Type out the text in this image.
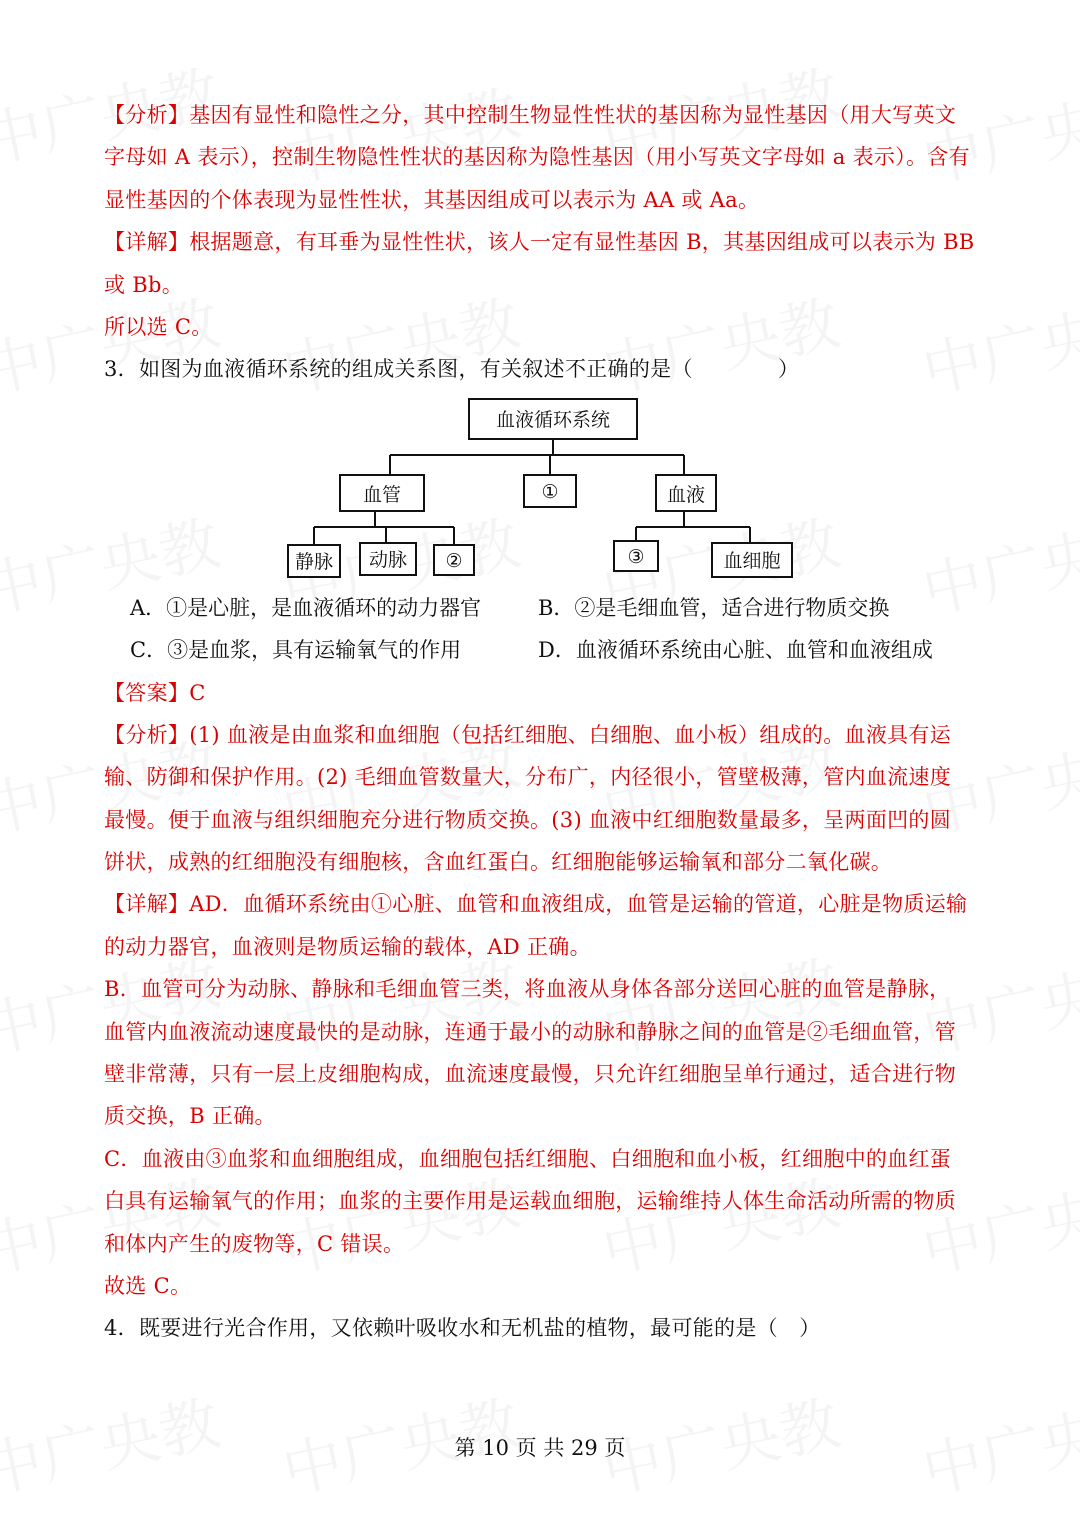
【分析】基因有显性和隐性之分，其中控制生物显性性状的基因称为显性基因（用大写英文
字母如 A 表示），控制生物隐性性状的基因称为隐性基因（用小写英文字母如 a 表示）。含有
显性基因的个体表现为显性性状，其基因组成可以表示为 AA 或 Aa。
【详解】根据题意，有耳垂为显性性状，该人一定有显性基因 B，其基因组成可以表示为 BB
或 Bb。
所以选 C。
3．如图为血液循环系统的组成关系图，有关叙述不正确的是（　　　　）
血液循环系统
血管	①	血液
静脉 动脉 ②	③	血细胞
A．①是心脏，是血液循环的动力器官	B．②是毛细血管，适合进行物质交换
C．③是血浆，具有运输氧气的作用	D．血液循环系统由心脏、血管和血液组成
【答案】C
【分析】(1) 血液是由血浆和血细胞（包括红细胞、白细胞、血小板）组成的。血液具有运
输、防御和保护作用。(2) 毛细血管数量大，分布广，内径很小，管壁极薄，管内血流速度
最慢。便于血液与组织细胞充分进行物质交换。(3) 血液中红细胞数量最多，呈两面凹的圆
饼状，成熟的红细胞没有细胞核，含血红蛋白。红细胞能够运输氧和部分二氧化碳。
【详解】AD．血循环系统由①心脏、血管和血液组成，血管是运输的管道，心脏是物质运输
的动力器官，血液则是物质运输的载体，AD 正确。
B．血管可分为动脉、静脉和毛细血管三类，将血液从身体各部分送回心脏的血管是静脉，
血管内血液流动速度最快的是动脉，连通于最小的动脉和静脉之间的血管是②毛细血管，管
壁非常薄，只有一层上皮细胞构成，血流速度最慢，只允许红细胞呈单行通过，适合进行物
质交换，B 正确。
C．血液由③血浆和血细胞组成，血细胞包括红细胞、白细胞和血小板，红细胞中的血红蛋
白具有运输氧气的作用；血浆的主要作用是运载血细胞，运输维持人体生命活动所需的物质
和体内产生的废物等，C 错误。
故选 C。
4．既要进行光合作用，又依赖叶吸收水和无机盐的植物，最可能的是（　）
第 10 页 共 29 页
